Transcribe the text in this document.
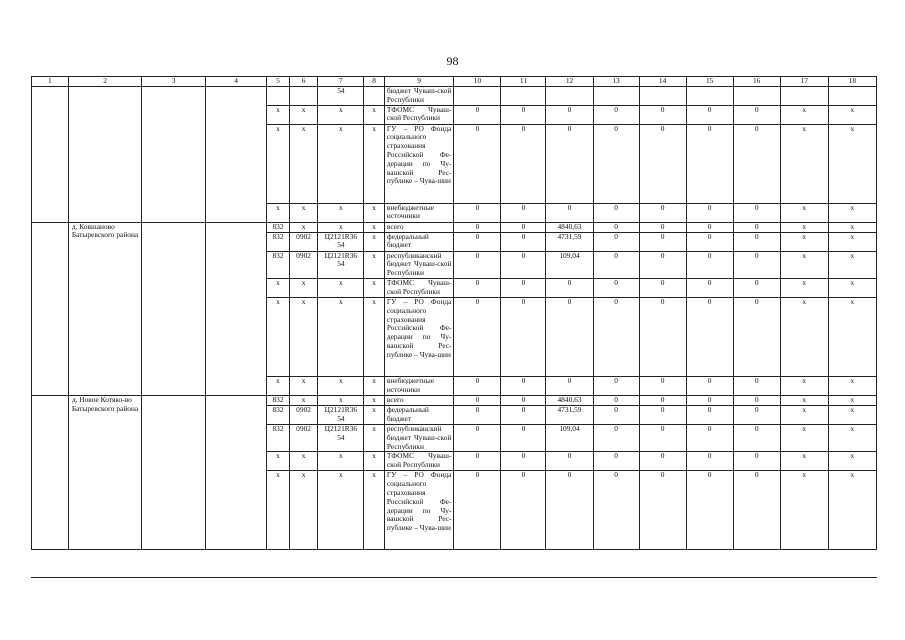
98
1	2	3	4	5	6	7	8	9	10	11	12	13	14	15	16	17	18
						54		бюджет Чуваш-ской Республики									
				x	x	x	x	ТФОМС Чуваш-ской Республики	0	0	0	0	0	0	0	x	x
				x	x	x	x	ГУ – РО Фонда социального страхования Российской Фе-дерации по Чу-вашской Рес-публике – Чува-шии	0	0	0	0	0	0	0	x	x
				x	x	x	x	внебюджетные источники	0	0	0	0	0	0	0	x	x
	д. Ковшаново Батыревского района			832	x	x	x	всего	0	0	4840,63	0	0	0	0	x	x
				832	0902	Ц2121R36 54	x	федеральный бюджет	0	0	4731,59	0	0	0	0	x	x
				832	0902	Ц2121R36 54	x	республиканский бюджет Чуваш-ской Республики	0	0	109,04	0	0	0	0	x	x
				x	x	x	x	ТФОМС Чуваш-ской Республики	0	0	0	0	0	0	0	x	x
				x	x	x	x	ГУ – РО Фонда социального страхования Российской Фе-дерации по Чу-вашской Рес-публике – Чува-шии	0	0	0	0	0	0	0	x	x
				x	x	x	x	внебюджетные источники	0	0	0	0	0	0	0	x	x
	д. Новое Котяко-во Батыревского района			832	x	x	x	всего	0	0	4840,63	0	0	0	0	x	x
				832	0902	Ц2121R36 54	x	федеральный бюджет	0	0	4731,59	0	0	0	0	x	x
				832	0902	Ц2121R36 54	x	республиканский бюджет Чуваш-ской Республики	0	0	109,04	0	0	0	0	x	x
				x	x	x	x	ТФОМС Чуваш-ской Республики	0	0	0	0	0	0	0	x	x
				x	x	x	x	ГУ – РО Фонда социального страхования Российской Фе-дерации по Чу-вашской Рес-публике – Чува-шии	0	0	0	0	0	0	0	x	x
